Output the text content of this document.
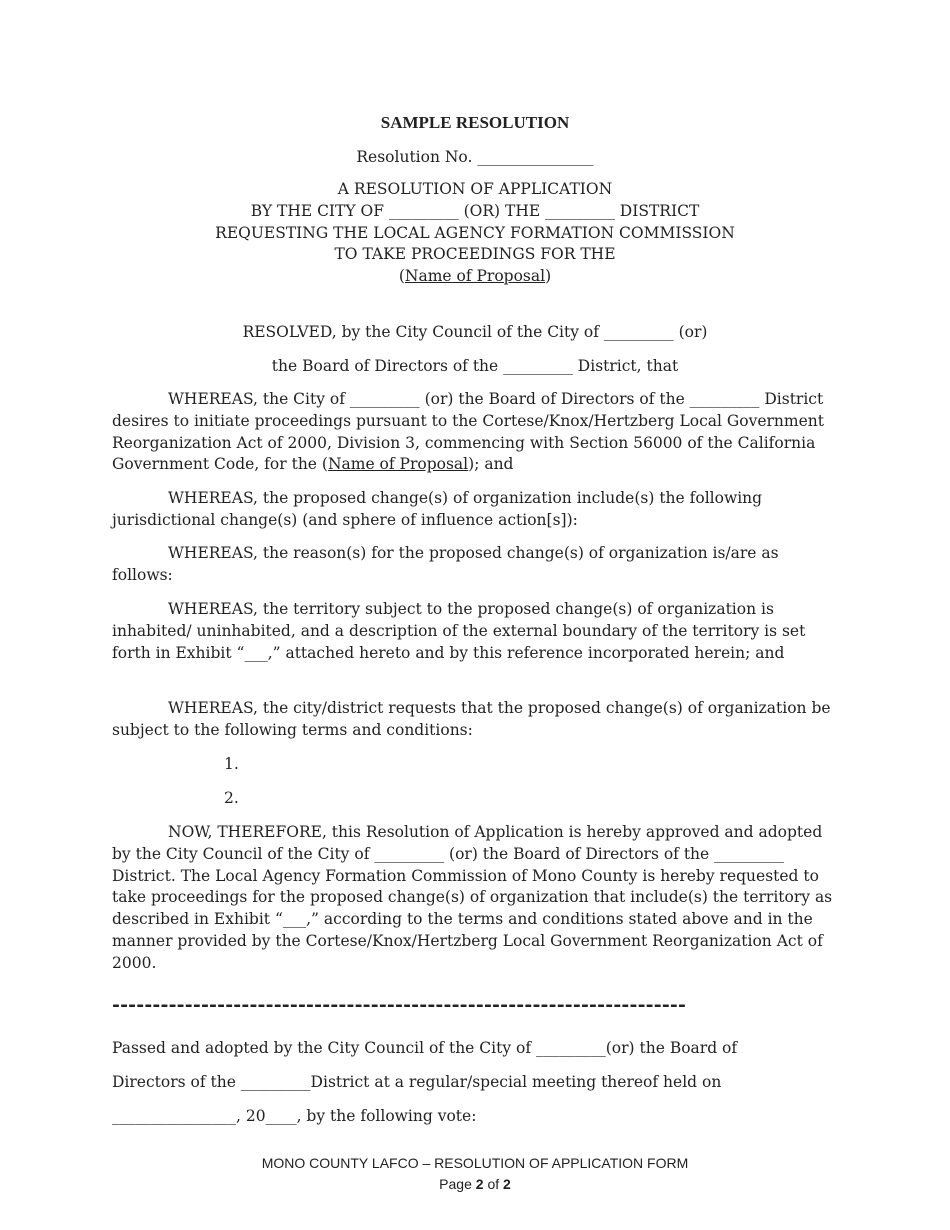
SAMPLE RESOLUTION
Resolution No. _______________
A RESOLUTION OF APPLICATION
BY THE CITY OF _________ (OR) THE _________ DISTRICT
REQUESTING THE LOCAL AGENCY FORMATION COMMISSION
TO TAKE PROCEEDINGS FOR THE
(Name of Proposal)
RESOLVED, by the City Council of the City of _________ (or)
the Board of Directors of the _________ District, that
WHEREAS, the City of _________ (or) the Board of Directors of the _________ District desires to initiate proceedings pursuant to the Cortese/Knox/Hertzberg Local Government Reorganization Act of 2000, Division 3, commencing with Section 56000 of the California Government Code, for the (Name of Proposal); and
WHEREAS, the proposed change(s) of organization include(s) the following jurisdictional change(s) (and sphere of influence action[s]):
WHEREAS, the reason(s) for the proposed change(s) of organization is/are as follows:
WHEREAS, the territory subject to the proposed change(s) of organization is inhabited/ uninhabited, and a description of the external boundary of the territory is set forth in Exhibit “___,” attached hereto and by this reference incorporated herein; and
WHEREAS, the city/district requests that the proposed change(s) of organization be subject to the following terms and conditions:
1.
2.
NOW, THEREFORE, this Resolution of Application is hereby approved and adopted by the City Council of the City of _________ (or) the Board of Directors of the _________ District. The Local Agency Formation Commission of Mono County is hereby requested to take proceedings for the proposed change(s) of organization that include(s) the territory as described in Exhibit “___,” according to the terms and conditions stated above and in the manner provided by the Cortese/Knox/Hertzberg Local Government Reorganization Act of 2000.
-----------------------------------------------------------------------
Passed and adopted by the City Council of the City of _________(or) the Board of
Directors of the _________District at a regular/special meeting thereof held on
________________, 20____, by the following vote:
MONO COUNTY LAFCO – RESOLUTION OF APPLICATION FORM
Page 2 of 2
